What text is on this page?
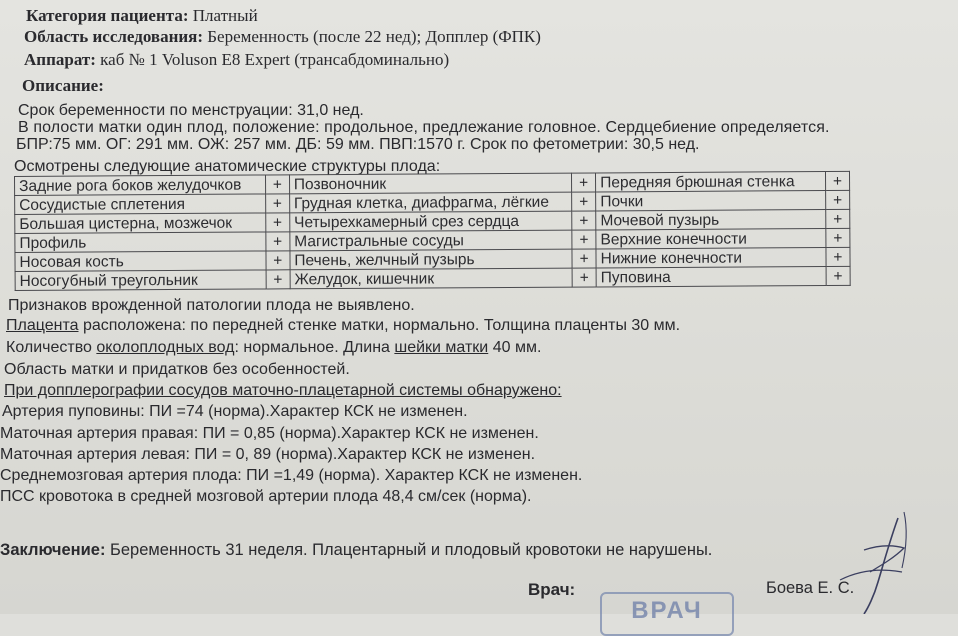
Категория пациента: Платный
Область исследования: Беременность (после 22 нед); Допплер (ФПК)
Аппарат: каб № 1 Voluson E8 Expert (трансабдоминально)
Описание:
Срок беременности по менструации: 31,0 нед.
В полости матки один плод, положение: продольное, предлежание головное. Сердцебиение определяется.
БПР:75 мм. ОГ: 291 мм. ОЖ: 257 мм. ДБ: 59 мм. ПВП:1570 г. Срок по фетометрии: 30,5 нед.
Осмотрены следующие анатомические структуры плода:
Задние рога боков желудочков	+	Позвоночник	+	Передняя брюшная стенка	+
Сосудистые сплетения	+	Грудная клетка, диафрагма, лёгкие	+	Почки	+
Большая цистерна, мозжечок	+	Четырехкамерный срез сердца	+	Мочевой пузырь	+
Профиль	+	Магистральные сосуды	+	Верхние конечности	+
Носовая кость	+	Печень, желчный пузырь	+	Нижние конечности	+
Носогубный треугольник	+	Желудок, кишечник	+	Пуповина	+
Признаков врожденной патологии плода не выявлено.
Плацента расположена: по передней стенке матки, нормально. Толщина плаценты 30 мм.
Количество околоплодных вод: нормальное. Длина шейки матки 40 мм.
Область матки и придатков без особенностей.
При допплерографии сосудов маточно-плацетарной системы обнаружено:
Артерия пуповины: ПИ =74 (норма).Характер КСК не изменен.
Маточная артерия правая: ПИ = 0,85 (норма).Характер КСК не изменен.
Маточная артерия левая: ПИ = 0, 89 (норма).Характер КСК не изменен.
Среднемозговая артерия плода: ПИ =1,49 (норма). Характер КСК не изменен.
ПСС кровотока в средней мозговой артерии плода 48,4 см/сек (норма).
Заключение: Беременность 31 неделя. Плацентарный и плодовый кровотоки не нарушены.
Врач:	Боева Е. С.
ВРАЧ
